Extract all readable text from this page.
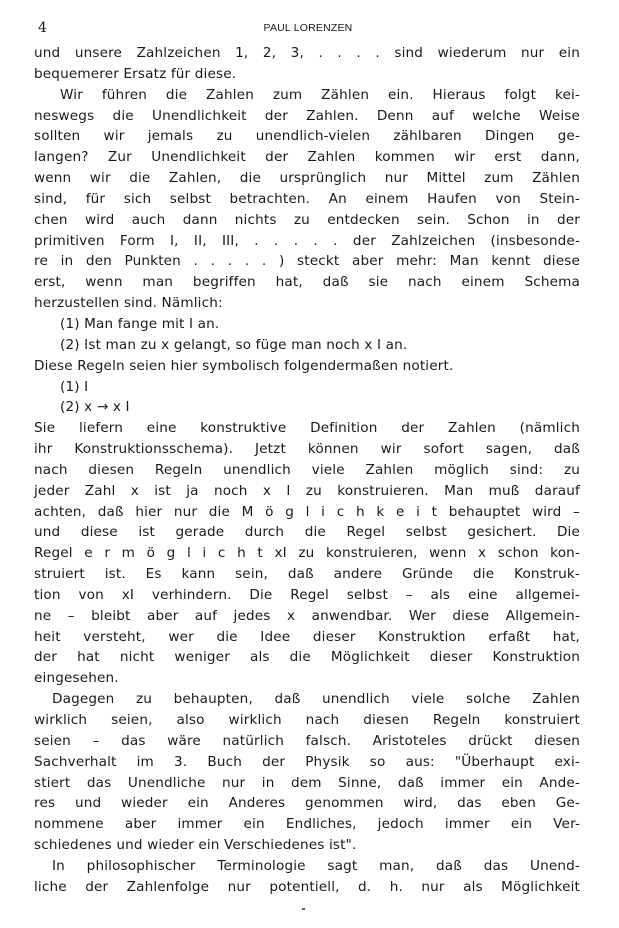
4	PAUL LORENZEN
und unsere Zahlzeichen 1, 2, 3, . . . . sind wiederum nur ein
bequemerer Ersatz für diese.
Wir führen die Zahlen zum Zählen ein. Hieraus folgt kei-
neswegs die Unendlichkeit der Zahlen. Denn auf welche Weise
sollten wir jemals zu unendlich-vielen zählbaren Dingen ge-
langen? Zur Unendlichkeit der Zahlen kommen wir erst dann,
wenn wir die Zahlen, die ursprünglich nur Mittel zum Zählen
sind, für sich selbst betrachten. An einem Haufen von Stein-
chen wird auch dann nichts zu entdecken sein. Schon in der
primitiven Form I, II, III, . . . . . der Zahlzeichen (insbesonde-
re in den Punkten . . . . . ) steckt aber mehr: Man kennt diese
erst, wenn man begriffen hat, daß sie nach einem Schema
herzustellen sind. Nämlich:
(1) Man fange mit I an.
(2) Ist man zu x gelangt, so füge man noch x I an.
Diese Regeln seien hier symbolisch folgendermaßen notiert.
(1) I
(2) x → x I
Sie liefern eine konstruktive Definition der Zahlen (nämlich
ihr Konstruktionsschema). Jetzt können wir sofort sagen, daß
nach diesen Regeln unendlich viele Zahlen möglich sind: zu
jeder Zahl x ist ja noch x I zu konstruieren. Man muß darauf
achten, daß hier nur die M ö g l i c h k e i t behauptet wird –
und diese ist gerade durch die Regel selbst gesichert. Die
Regel e r m ö g l i c h t xI zu konstruieren, wenn x schon kon-
struiert ist. Es kann sein, daß andere Gründe die Konstruk-
tion von xI verhindern. Die Regel selbst – als eine allgemei-
ne – bleibt aber auf jedes x anwendbar. Wer diese Allgemein-
heit versteht, wer die Idee dieser Konstruktion erfaßt hat,
der hat nicht weniger als die Möglichkeit dieser Konstruktion
eingesehen.
Dagegen zu behaupten, daß unendlich viele solche Zahlen
wirklich seien, also wirklich nach diesen Regeln konstruiert
seien – das wäre natürlich falsch. Aristoteles drückt diesen
Sachverhalt im 3. Buch der Physik so aus: "Überhaupt exi-
stiert das Unendliche nur in dem Sinne, daß immer ein Ande-
res und wieder ein Anderes genommen wird, das eben Ge-
nommene aber immer ein Endliches, jedoch immer ein Ver-
schiedenes und wieder ein Verschiedenes ist".
In philosophischer Terminologie sagt man, daß das Unend-
liche der Zahlenfolge nur potentiell, d. h. nur als Möglichkeit
